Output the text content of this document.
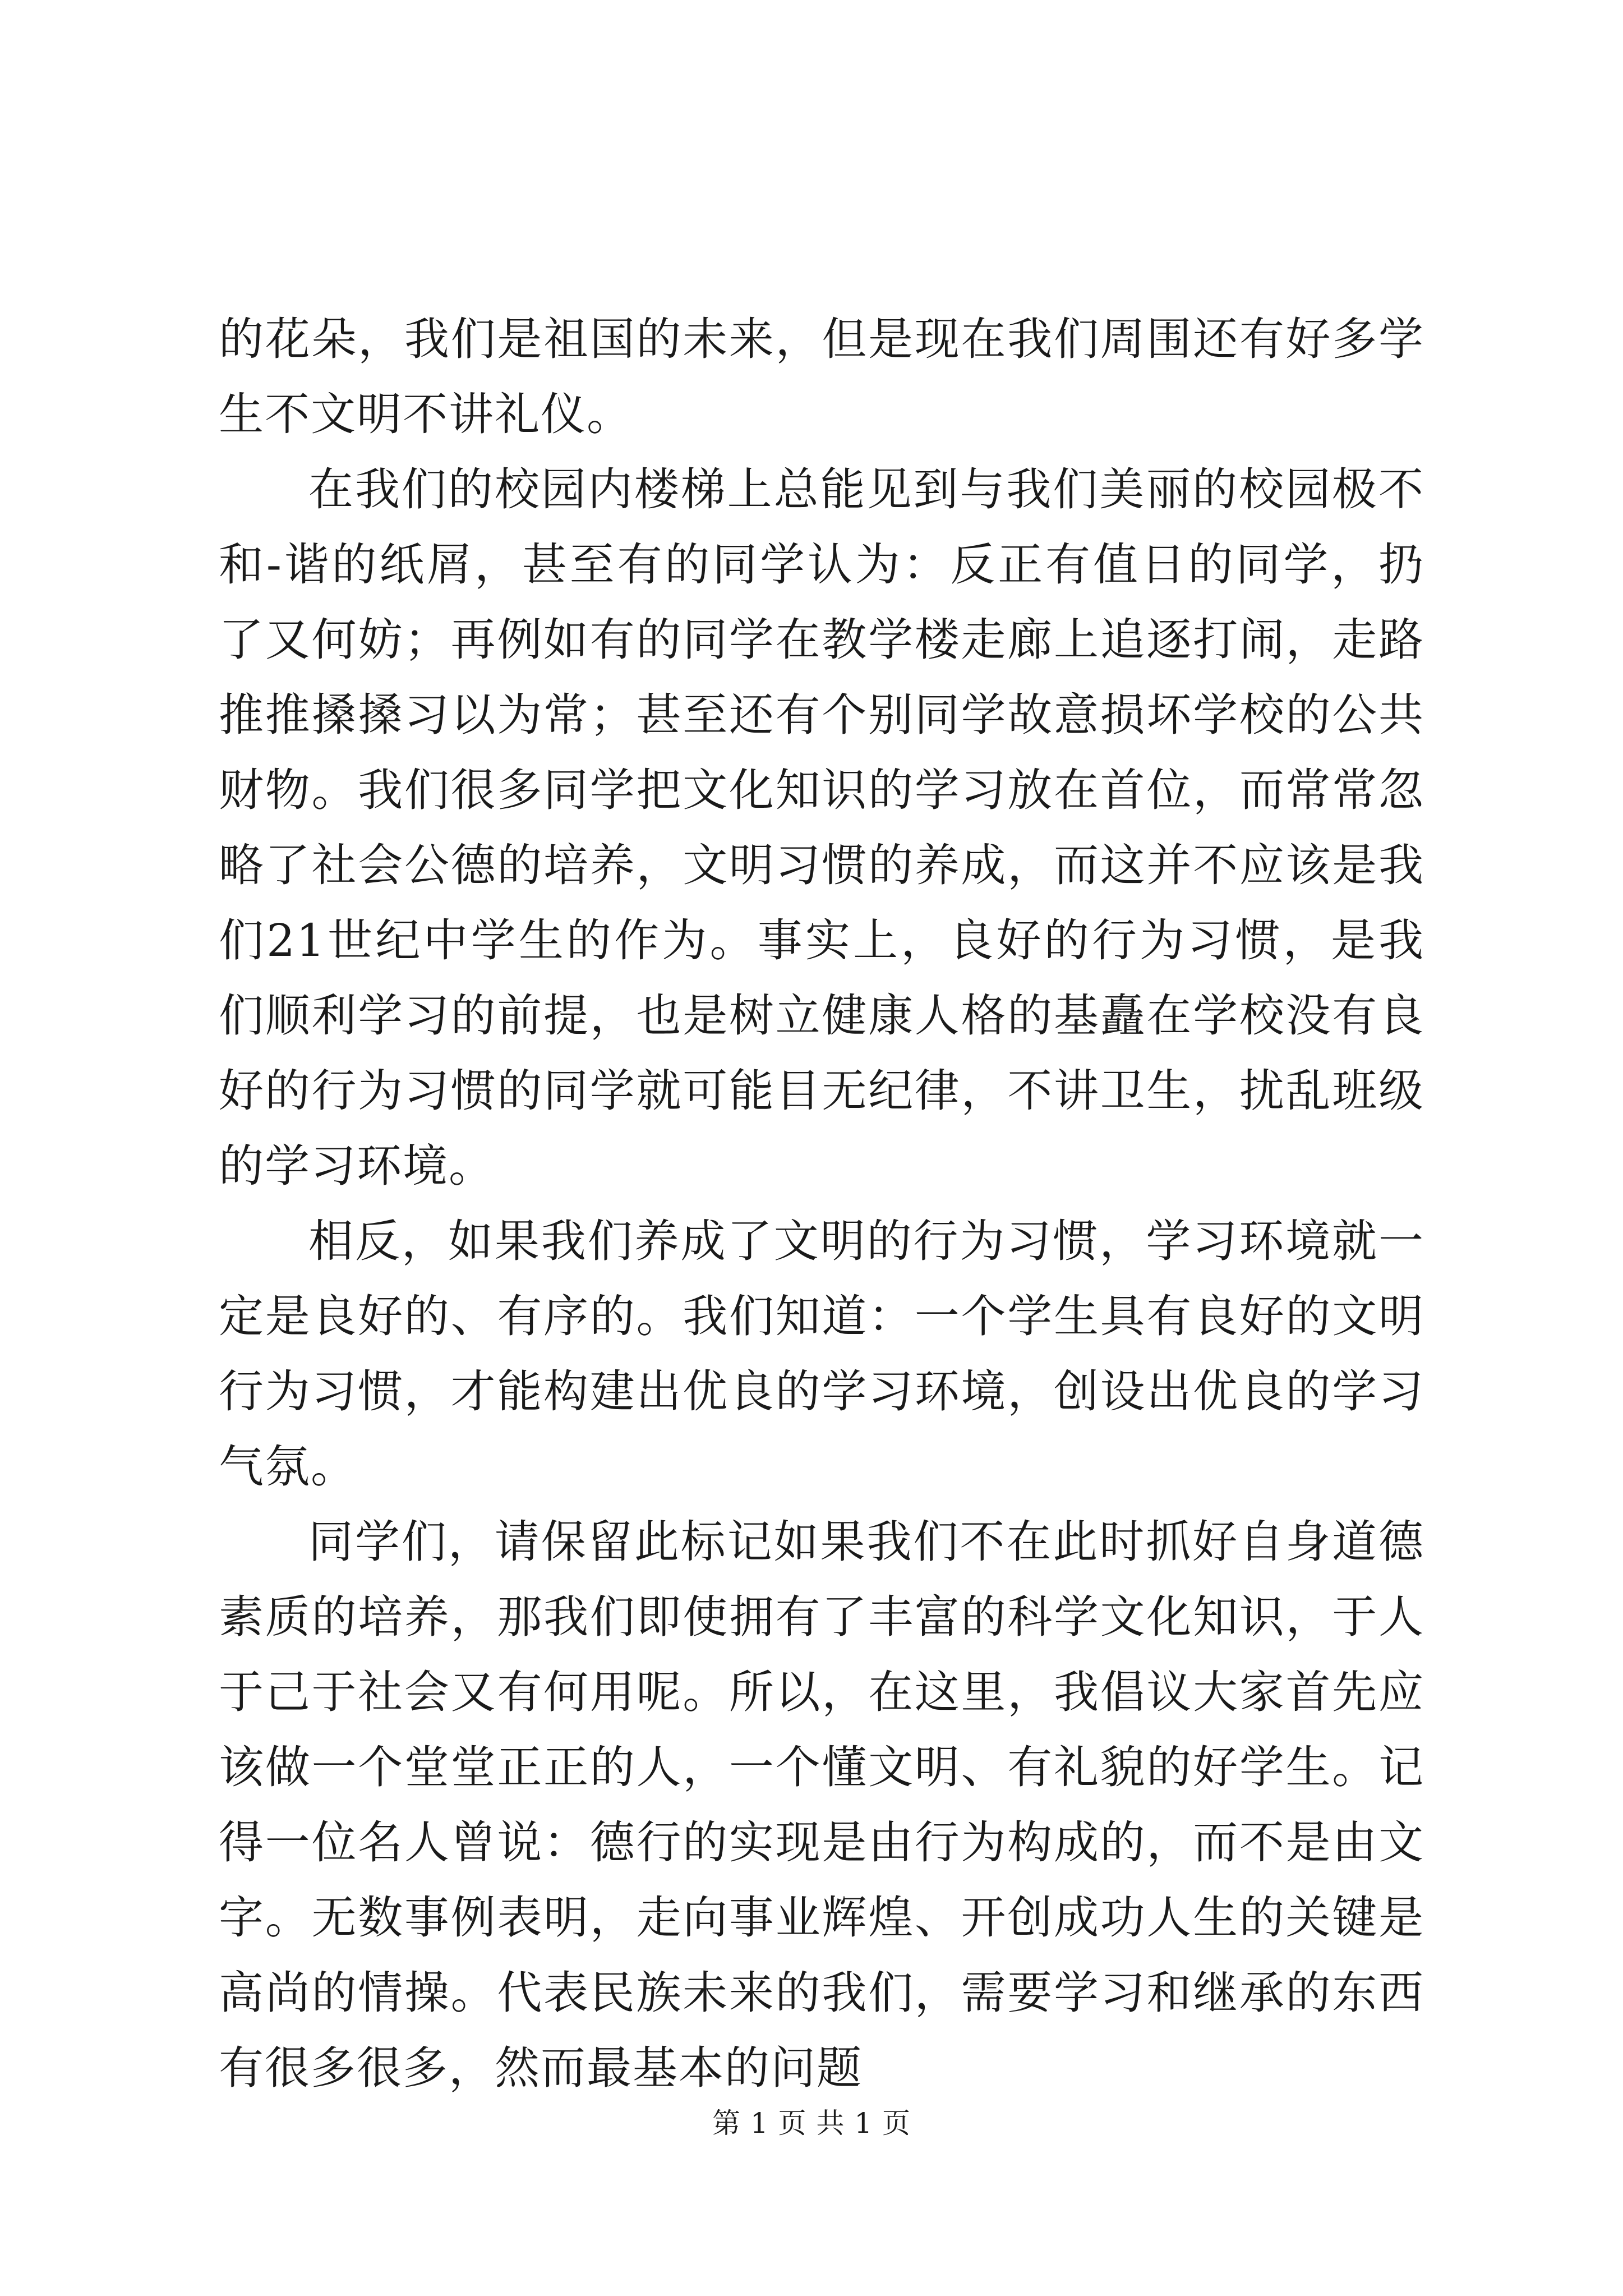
的花朵，我们是祖国的未来，但是现在我们周围还有好多学生不文明不讲礼仪。

在我们的校园内楼梯上总能见到与我们美丽的校园极不和-谐的纸屑，甚至有的同学认为：反正有值日的同学，扔了又何妨；再例如有的同学在教学楼走廊上追逐打闹，走路推推搡搡习以为常；甚至还有个别同学故意损坏学校的公共财物。我们很多同学把文化知识的学习放在首位，而常常忽略了社会公德的培养，文明习惯的养成，而这并不应该是我们21世纪中学生的作为。事实上，良好的行为习惯，是我们顺利学习的前提，也是树立健康人格的基矗在学校没有良好的行为习惯的同学就可能目无纪律，不讲卫生，扰乱班级的学习环境。

相反，如果我们养成了文明的行为习惯，学习环境就一定是良好的、有序的。我们知道：一个学生具有良好的文明行为习惯，才能构建出优良的学习环境，创设出优良的学习气氛。

同学们，请保留此标记如果我们不在此时抓好自身道德素质的培养，那我们即使拥有了丰富的科学文化知识，于人于己于社会又有何用呢。所以，在这里，我倡议大家首先应该做一个堂堂正正的人，一个懂文明、有礼貌的好学生。记得一位名人曾说：德行的实现是由行为构成的，而不是由文字。无数事例表明，走向事业辉煌、开创成功人生的关键是高尚的情操。代表民族未来的我们，需要学习和继承的东西有很多很多，然而最基本的问题

第 1 页 共 1 页
